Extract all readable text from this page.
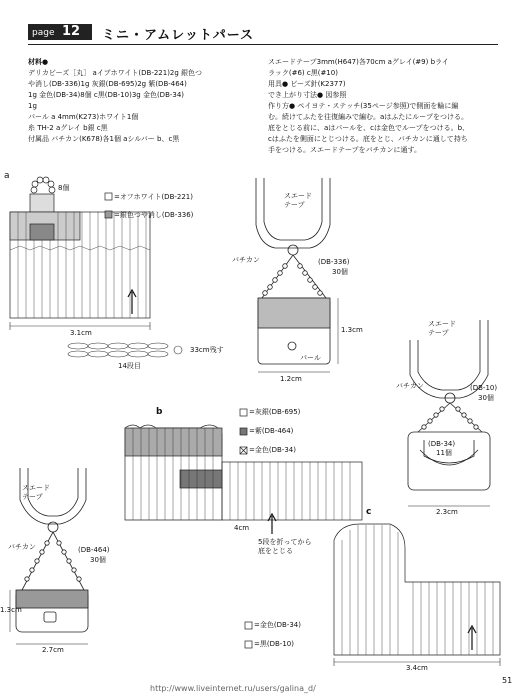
page 12 ミニ・アムレットパース
材料●
デリカビーズ［丸］ aイブホワイト(DB-221)2g 銀色つ
や消し(DB-336)1g 灰銀(DB-695)2g 紫(DB-464)
1g 金色(DB-34)8個 c黒(DB-10)3g 金色(DB-34)
1g
パール a 4mm(K273)ホワイト1個
糸 TH-2 aグレイ b銀 c黒
付属品 バチカン(K678)各1個 aシルバー b、c黒
スエードテープ3mm(H647)各70cm aグレイ(#9) bライ
ラック(#6) c黒(#10)
用具● ビーズ針(K2377)
でき上がり寸法● 図参照
作り方● ペイヨテ・ステッチ(35ページ参照)で側面を輪に編
む。続けてふたを往復編みで編む。aはふたにループをつける。
底をとじる前に、aはパールを、cは金色でループをつける。b、
cはふたを側面にとじつける。底をとじ、バチカンに通して持ち
手をつける。スエードテープをバチカンに通す。
a
8個
=オフホワイト(DB-221)
=銀色つや消し(DB-336)
3.1cm
33cm残す
14段目
スエード
テープ
バチカン	(DB-336)
30個
パール
1.3cm
1.2cm
スエード
テープ
バチカン	(DB-10)
30個
(DB-34)
11個
2.3cm
b	=灰銀(DB-695)
=紫(DB-464)
=金色(DB-34)
4cm
5段を折ってから
底をとじる
スエード
テープ
バチカン	(DB-464)
30個
1.3cm
2.7cm
c
=金色(DB-34)
=黒(DB-10)
3.4cm
51
http://www.liveinternet.ru/users/galina_d/
